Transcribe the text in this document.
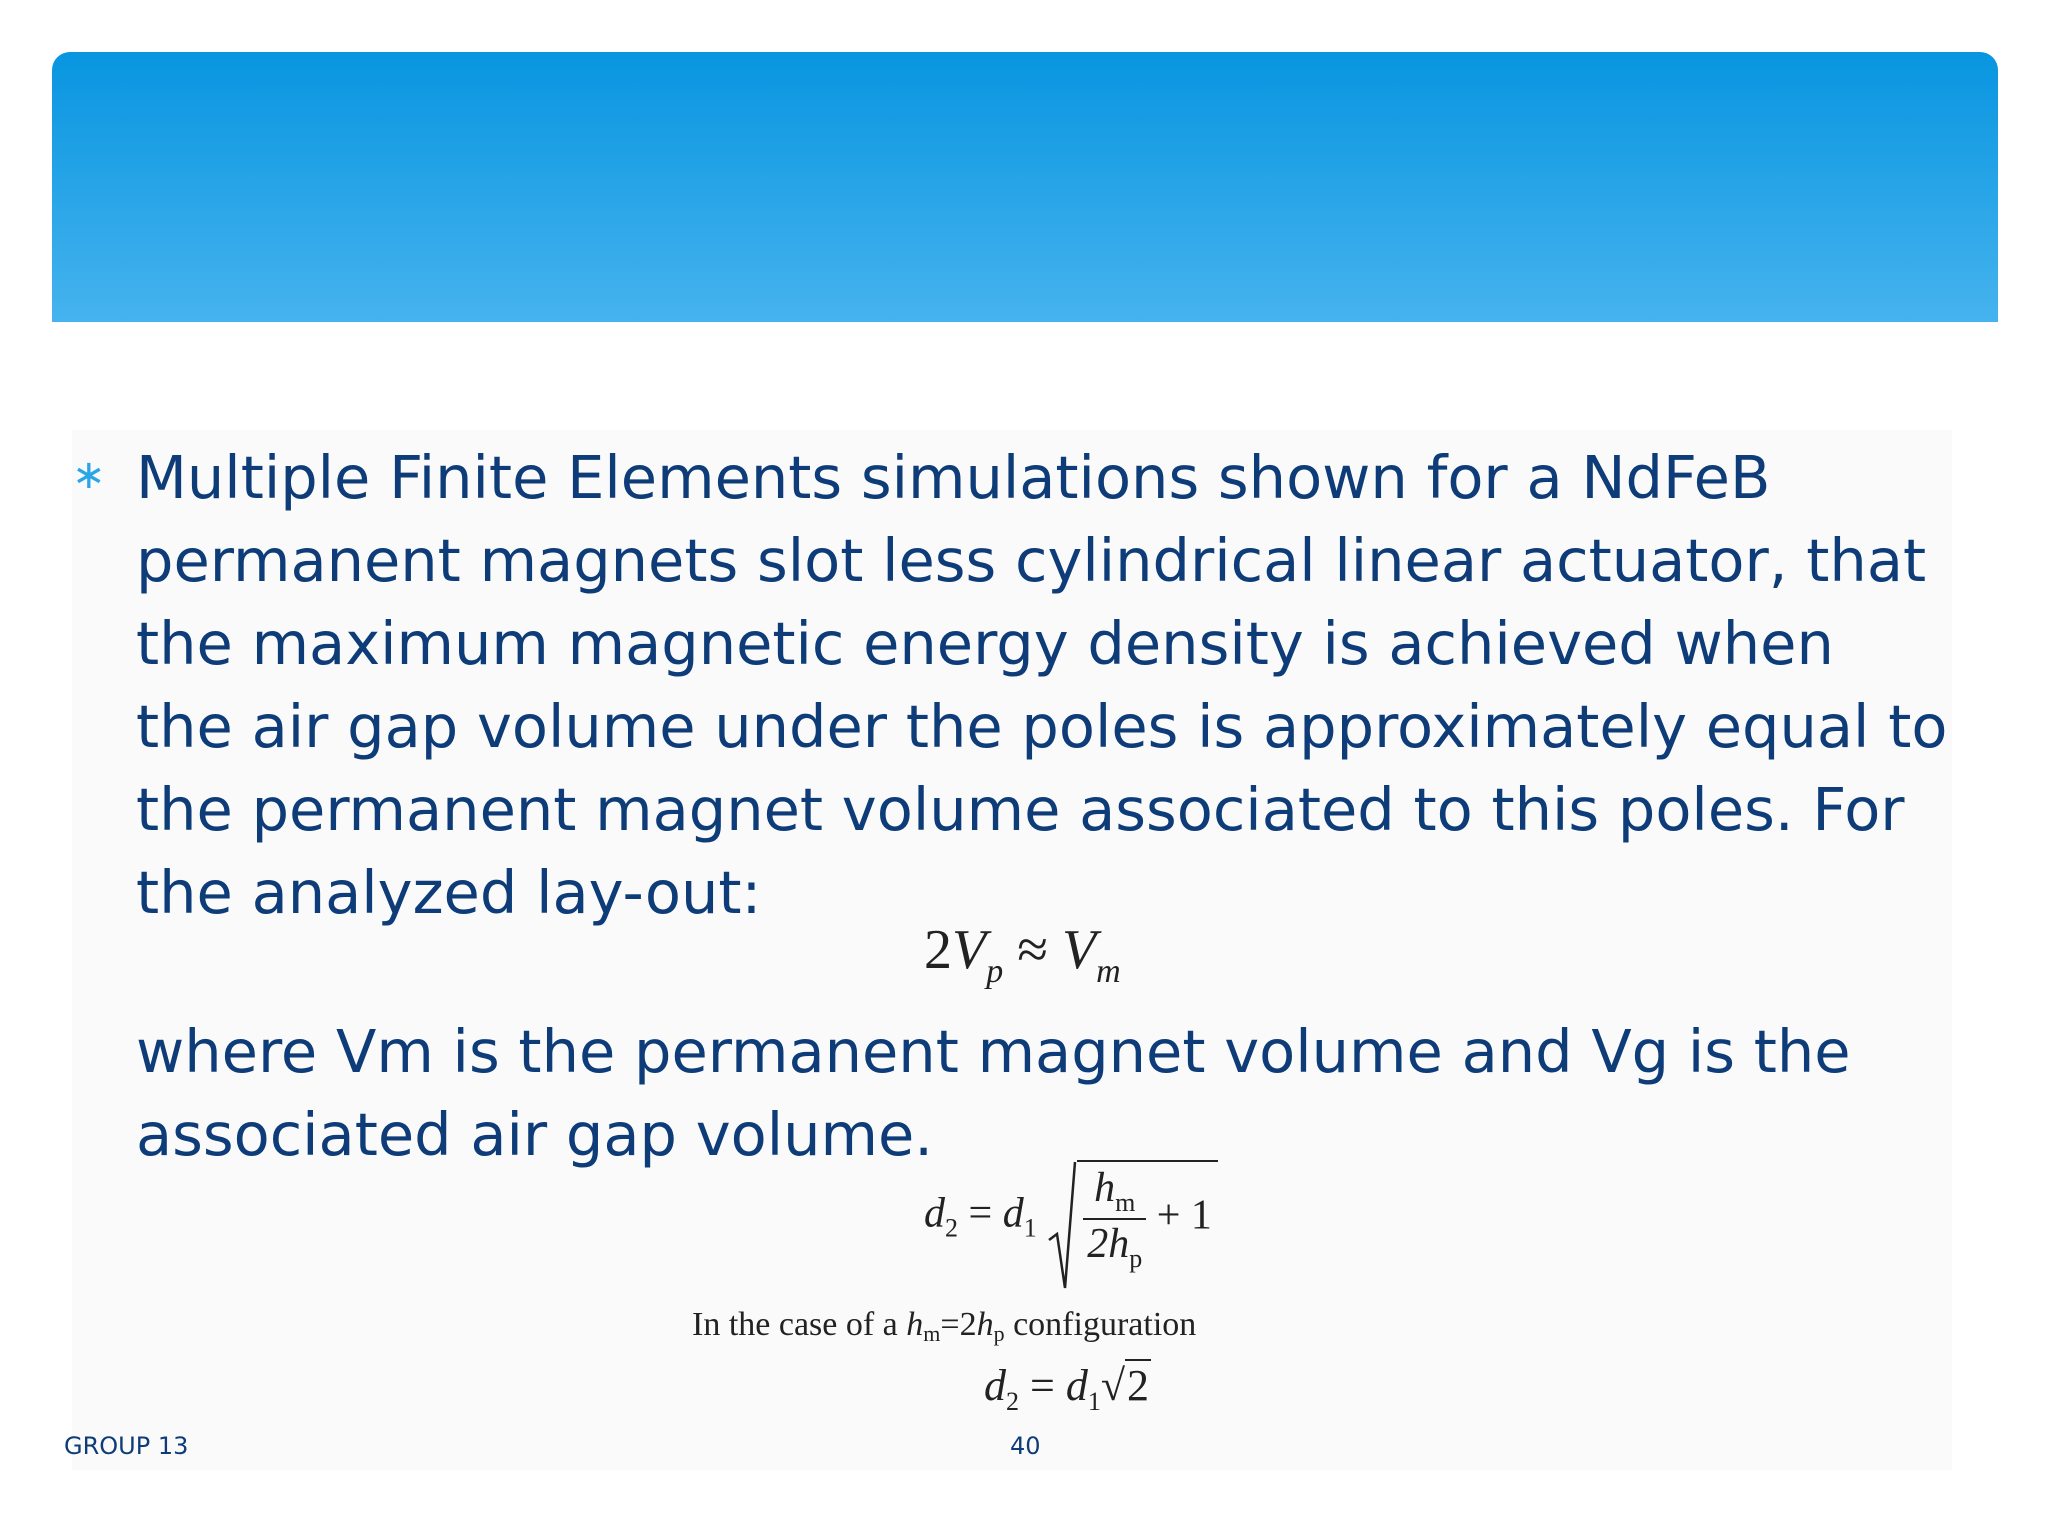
∗ Multiple Finite Elements simulations shown for a NdFeB
permanent magnets slot less cylindrical linear actuator, that
the maximum magnetic energy density is achieved when
the air gap volume under the poles is approximately equal to
the permanent magnet volume associated to this poles. For
the analyzed lay-out:

$2V_p \approx V_m$

where Vm is the permanent magnet volume and Vg is the
associated air gap volume.

$d_2 = d_1 \frac{h_m}{2h_p} + 1$
In the case of a $h_m=2h_p$ configuration
$d_2 = d_1√2$
GROUP 13	40
